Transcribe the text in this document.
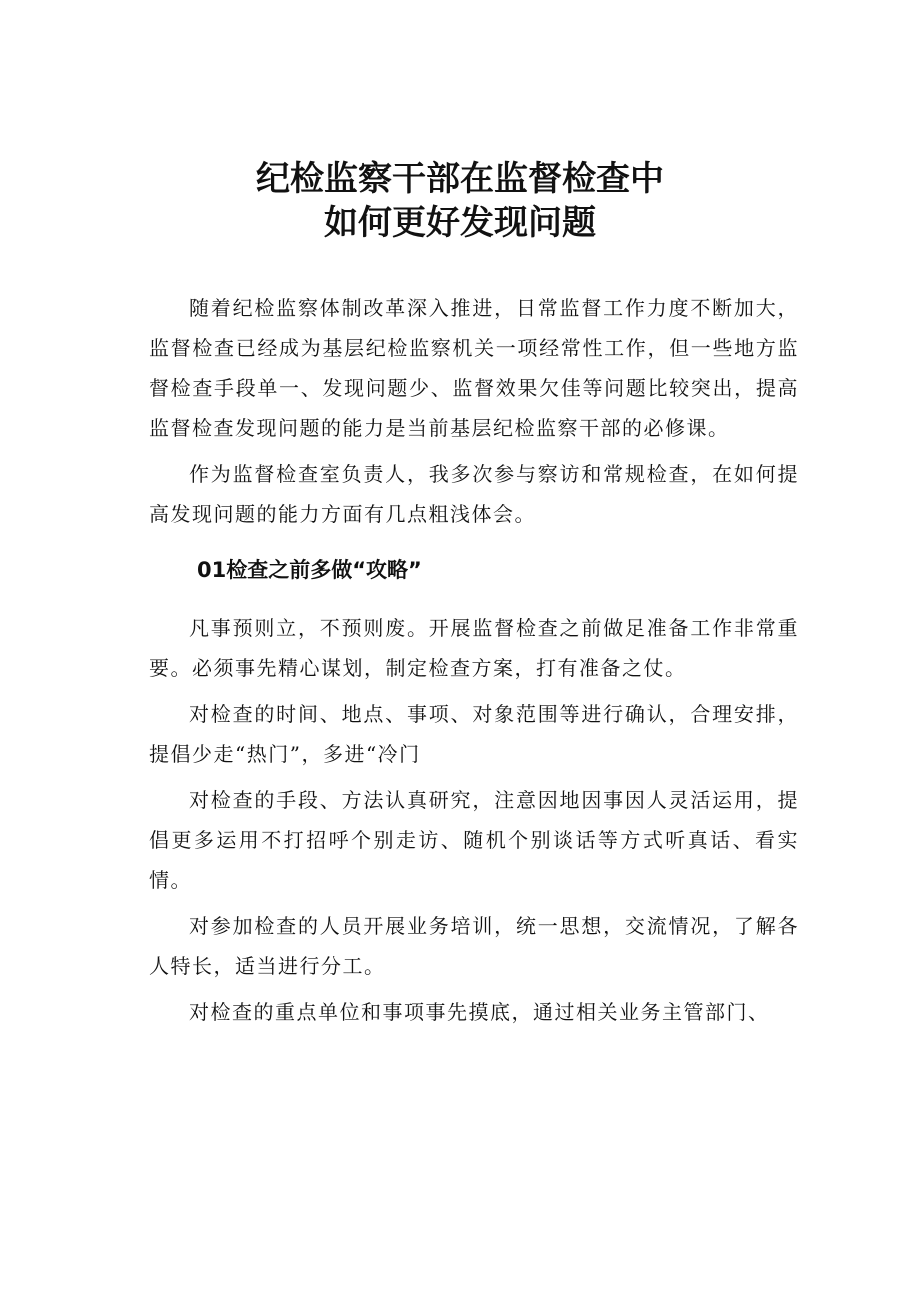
纪检监察干部在监督检查中
如何更好发现问题

随着纪检监察体制改革深入推进，日常监督工作力度不断加大，监督检查已经成为基层纪检监察机关一项经常性工作，但一些地方监督检查手段单一、发现问题少、监督效果欠佳等问题比较突出，提高监督检查发现问题的能力是当前基层纪检监察干部的必修课。

作为监督检查室负责人，我多次参与察访和常规检查，在如何提高发现问题的能力方面有几点粗浅体会。

01检查之前多做“攻略”

凡事预则立，不预则废。开展监督检查之前做足准备工作非常重要。必须事先精心谋划，制定检查方案，打有准备之仗。

对检查的时间、地点、事项、对象范围等进行确认，合理安排，提倡少走“热门”，多进“冷门

对检查的手段、方法认真研究，注意因地因事因人灵活运用，提倡更多运用不打招呼个别走访、随机个别谈话等方式听真话、看实情。

对参加检查的人员开展业务培训，统一思想，交流情况，了解各人特长，适当进行分工。

对检查的重点单位和事项事先摸底，通过相关业务主管部门、
